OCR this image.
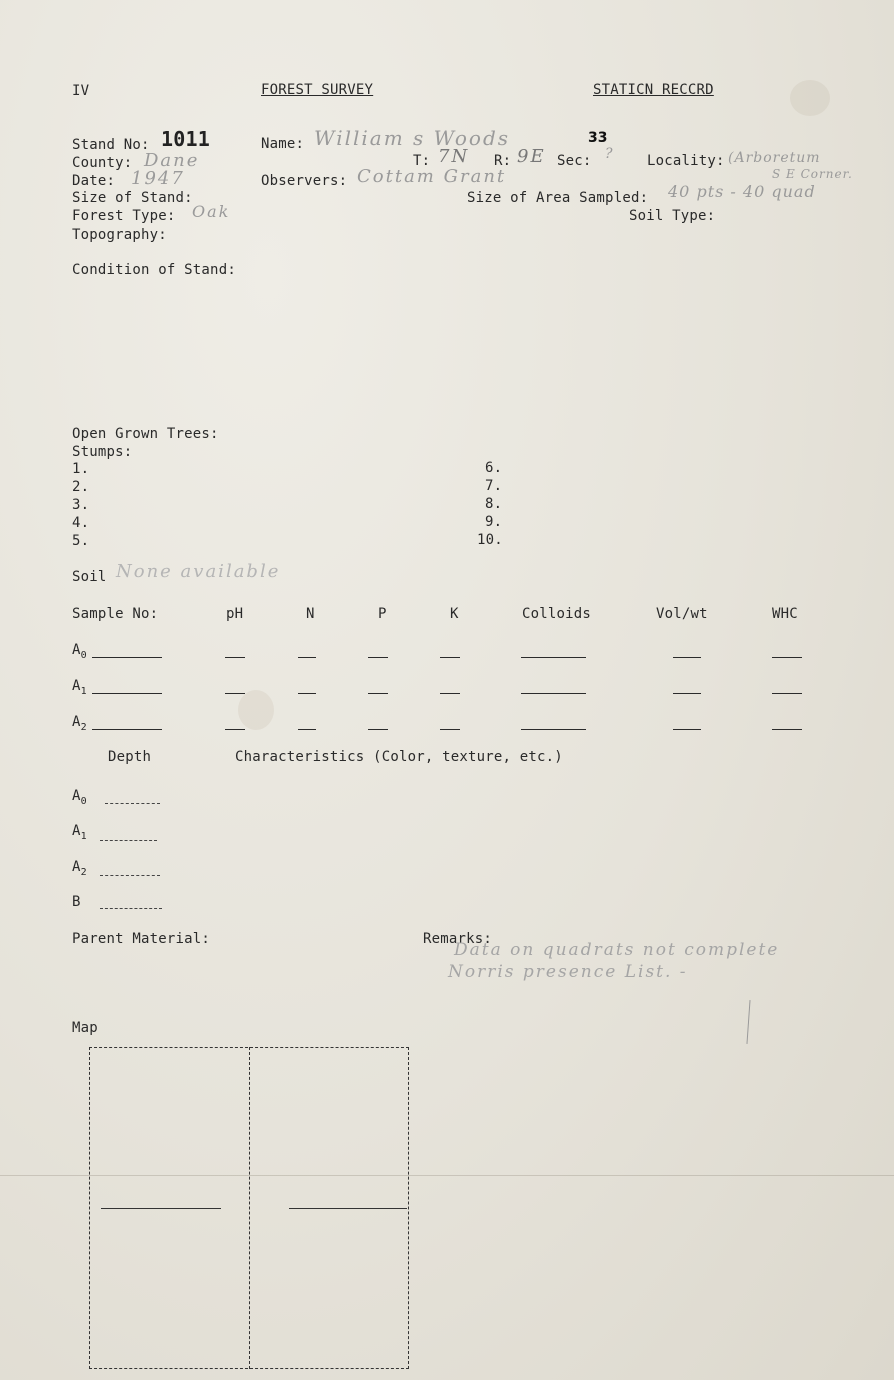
IV	FOREST SURVEY	STATICN RECCRD
Stand No: 1011	Name: William s Woods	33
County: Dane	T: 7N R: 9E Sec: ? Locality: (Arboretum
S E Corner.
Date: 1947	Observers: Cottam Grant
Size of Stand:	Size of Area Sampled: 40 pts - 40 quad
Forest Type: Oak	Soil Type:
Topography:
Condition of Stand:
Open Grown Trees:
Stumps:
1.
2.
3.
4.
5.
6.
7.
8.
9.
10.
Soil None available
Sample No:	pH	N	P	K	Colloids	Vol/wt	WHC
$A_0$
$A_1$
$A_2$
Depth	Characteristics (Color, texture, etc.)
$A_0$
$A_1$
$A_2$
B
Parent Material:	Remarks:
Data on quadrats not complete
Norris presence List. -
Map
